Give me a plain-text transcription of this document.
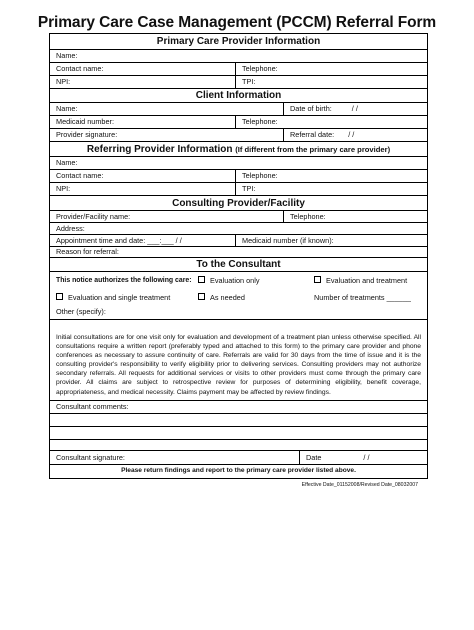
Primary Care Case Management (PCCM) Referral Form
Primary Care Provider Information
Name:
Contact name:	Telephone:
NPI:	TPI:
Client Information
Name:	Date of birth:	/ /
Medicaid number:	Telephone:
Provider signature:	Referral date: / /
Referring Provider Information (If different from the primary care provider)
Name:
Contact name:	Telephone:
NPI:	TPI:
Consulting Provider/Facility
Provider/Facility name:	Telephone:
Address:
Appointment time and date: ___:___ / /	Medicaid number (if known):
Reason for referral:
To the Consultant
This notice authorizes the following care:	Evaluation only	Evaluation and treatment
Evaluation and single treatment	As needed	Number of treatments ______
Other (specify):
Initial consultations are for one visit only for evaluation and development of a treatment plan unless otherwise specified. All consultations require a written report (preferably typed and attached to this form) to the primary care provider and phone conferences as necessary to assure continuity of care. Referrals are valid for 30 days from the time of issue and it is the consulting provider's responsibility to verify eligibility prior to delivering services. Consulting providers may not authorize secondary referrals. All requests for additional services or visits to other providers must come through the primary care provider. All claims are subject to retrospective review for purposes of determining eligibility, benefit coverage, appropriateness, and medical necessity. Claims payment may be affected by review findings.
Consultant comments:
Consultant signature:	Date	/ /
Please return findings and report to the primary care provider listed above.
Effective Date_01152008/Revised Date_08032007
